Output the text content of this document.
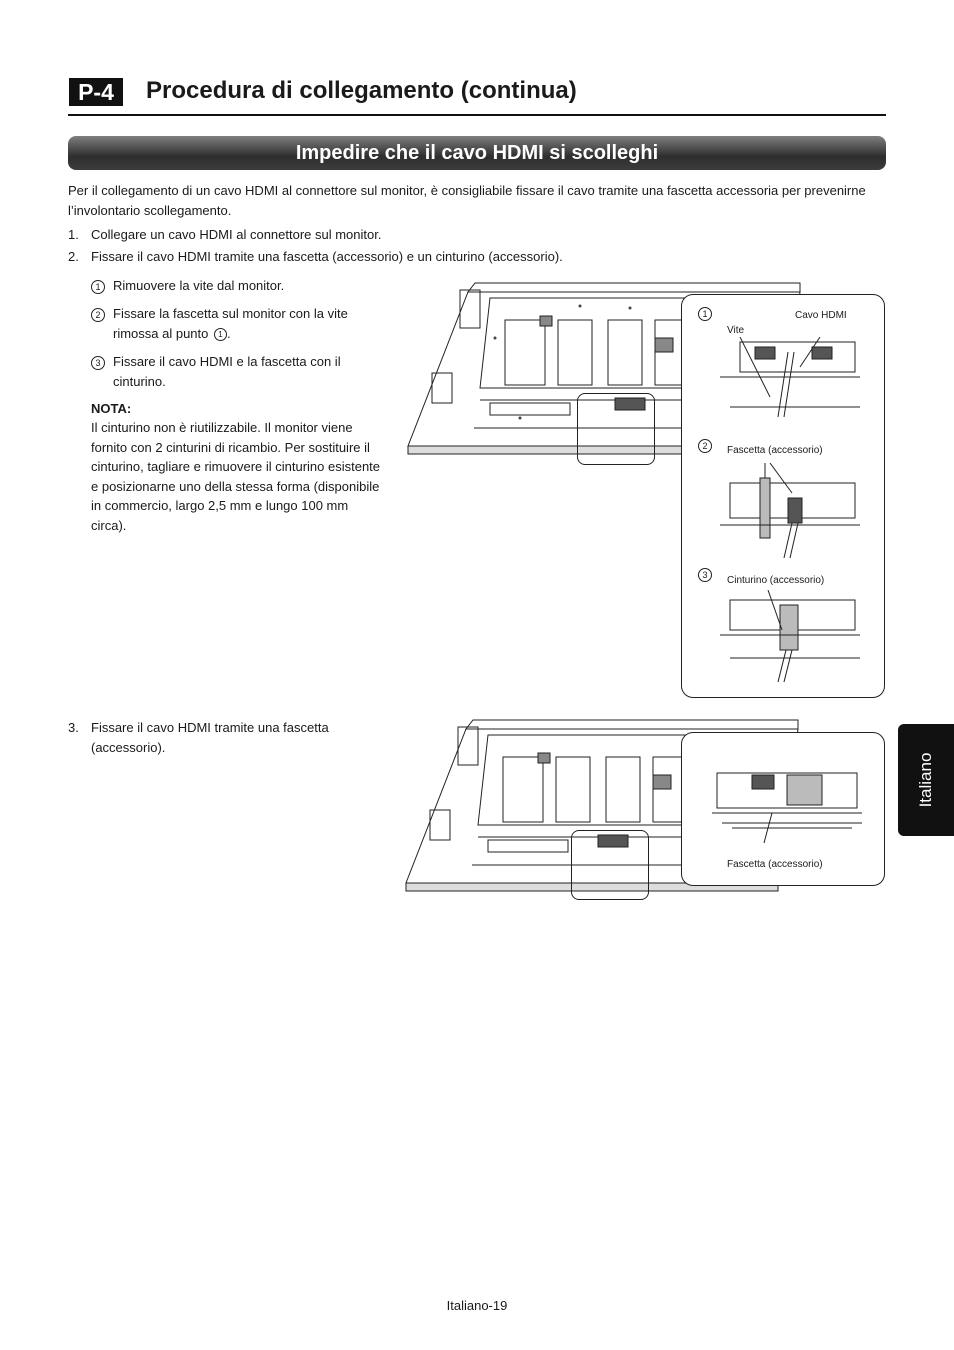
P-4	Procedura di collegamento (continua)
Impedire che il cavo HDMI si scolleghi
Per il collegamento di un cavo HDMI al connettore sul monitor, è consigliabile fissare il cavo tramite una fascetta accessoria per prevenirne l’involontario scollegamento.
1. Collegare un cavo HDMI al connettore sul monitor.
2. Fissare il cavo HDMI tramite una fascetta (accessorio) e un cinturino (accessorio).
1 Rimuovere la vite dal monitor.
2 Fissare la fascetta sul monitor con la vite rimossa al punto 1 .
3 Fissare il cavo HDMI e la fascetta con il cinturino.
NOTA:
Il cinturino non è riutilizzabile. Il monitor viene fornito con 2 cinturini di ricambio. Per sostituire il cinturino, tagliare e rimuovere il cinturino esistente e posizionarne uno della stessa forma (disponibile in commercio, largo 2,5 mm e lungo 100 mm circa).
3. Fissare il cavo HDMI tramite una fascetta (accessorio).
1
Vite
Cavo HDMI
2	Fascetta (accessorio)
3	Cinturino (accessorio)
Fascetta (accessorio)
Italiano
Italiano-19
